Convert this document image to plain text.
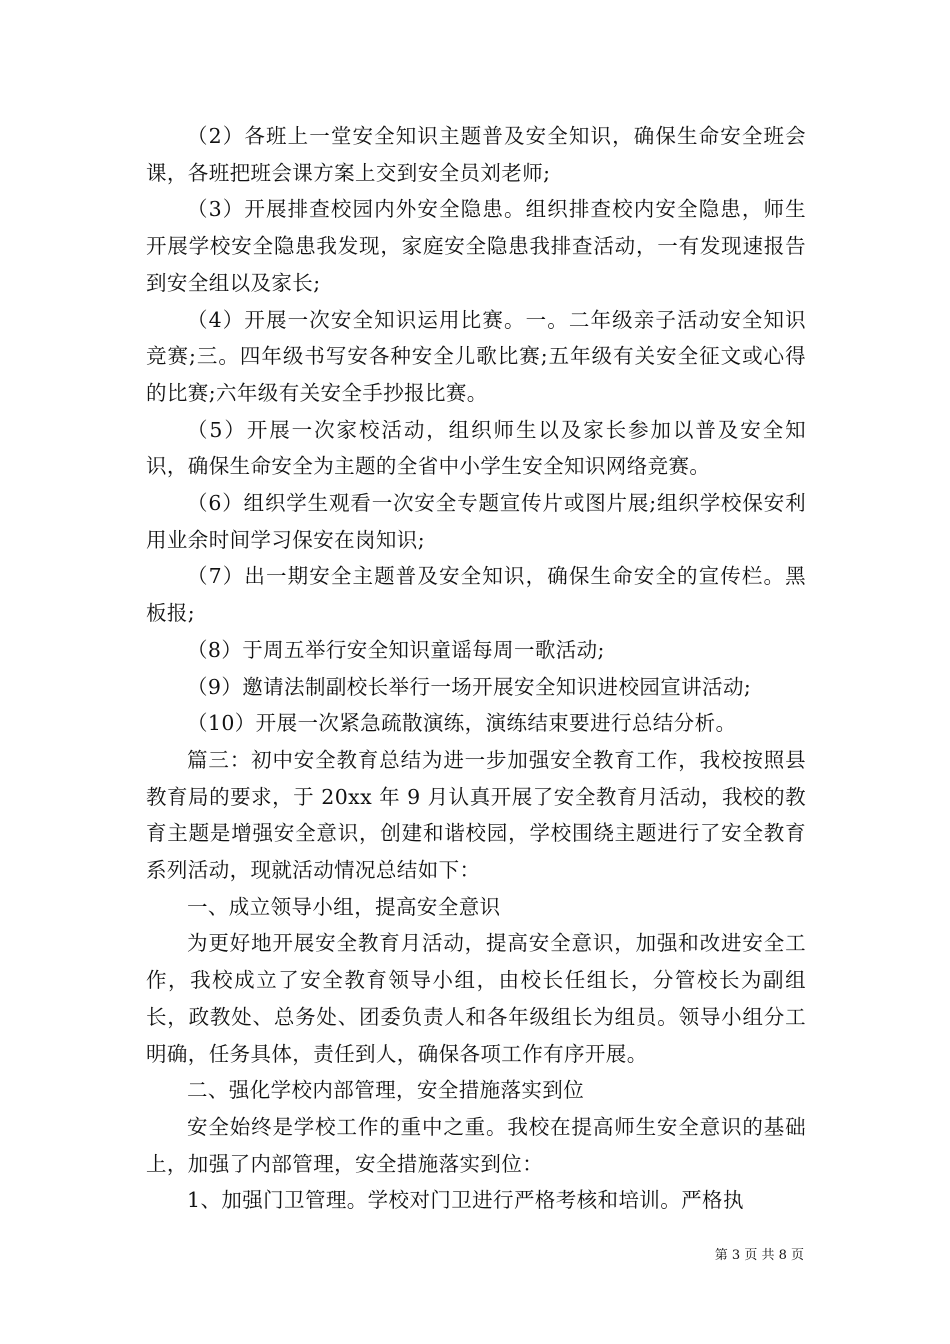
（2）各班上一堂安全知识主题普及安全知识，确保生命安全班会课，各班把班会课方案上交到安全员刘老师;

（3）开展排查校园内外安全隐患。组织排查校内安全隐患，师生开展学校安全隐患我发现，家庭安全隐患我排查活动，一有发现速报告到安全组以及家长;

（4）开展一次安全知识运用比赛。一。二年级亲子活动安全知识竞赛;三。四年级书写安各种安全儿歌比赛;五年级有关安全征文或心得的比赛;六年级有关安全手抄报比赛。

（5）开展一次家校活动，组织师生以及家长参加以普及安全知识，确保生命安全为主题的全省中小学生安全知识网络竞赛。

（6）组织学生观看一次安全专题宣传片或图片展;组织学校保安利用业余时间学习保安在岗知识;

（7）出一期安全主题普及安全知识，确保生命安全的宣传栏。黑板报;

（8）于周五举行安全知识童谣每周一歌活动;

（9）邀请法制副校长举行一场开展安全知识进校园宣讲活动;

（10）开展一次紧急疏散演练，演练结束要进行总结分析。

篇三：初中安全教育总结为进一步加强安全教育工作，我校按照县教育局的要求，于 20xx 年 9 月认真开展了安全教育月活动，我校的教育主题是增强安全意识，创建和谐校园，学校围绕主题进行了安全教育系列活动，现就活动情况总结如下：

一、成立领导小组，提高安全意识

为更好地开展安全教育月活动，提高安全意识，加强和改进安全工作，我校成立了安全教育领导小组，由校长任组长，分管校长为副组长，政教处、总务处、团委负责人和各年级组长为组员。领导小组分工明确，任务具体，责任到人，确保各项工作有序开展。

二、强化学校内部管理，安全措施落实到位

安全始终是学校工作的重中之重。我校在提高师生安全意识的基础上，加强了内部管理，安全措施落实到位：

1、加强门卫管理。学校对门卫进行严格考核和培训。严格执

第 3 页 共 8 页
